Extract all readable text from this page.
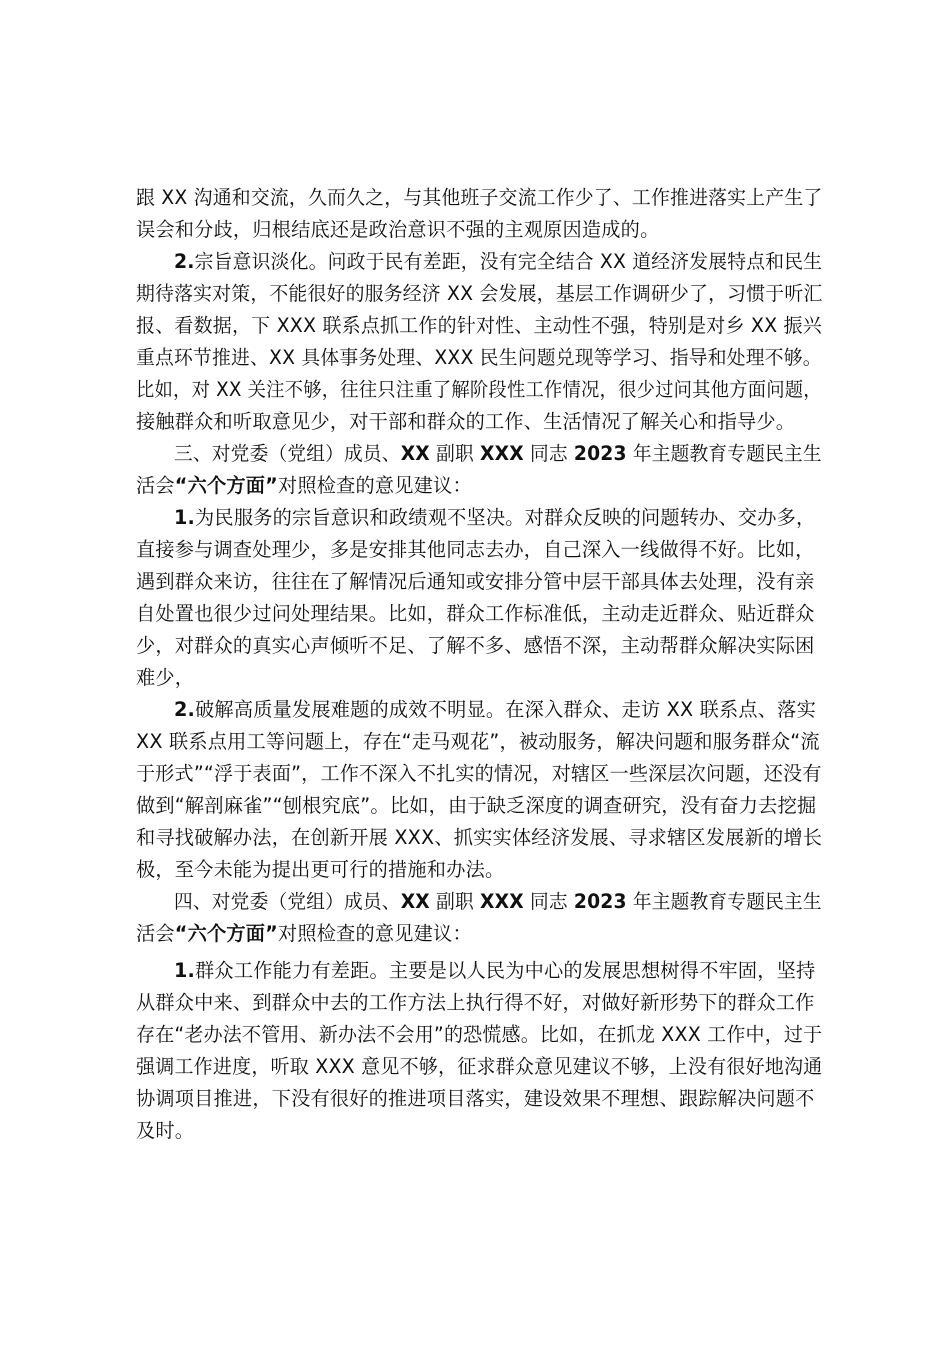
跟 XX 沟通和交流，久而久之，与其他班子交流工作少了、工作推进落实上产生了
误会和分歧，归根结底还是政治意识不强的主观原因造成的。
2.宗旨意识淡化。问政于民有差距，没有完全结合 XX 道经济发展特点和民生
期待落实对策，不能很好的服务经济 XX 会发展，基层工作调研少了，习惯于听汇
报、看数据，下 XXX 联系点抓工作的针对性、主动性不强，特别是对乡 XX 振兴
重点环节推进、XX 具体事务处理、XXX 民生问题兑现等学习、指导和处理不够。
比如，对 XX 关注不够，往往只注重了解阶段性工作情况，很少过问其他方面问题，
接触群众和听取意见少，对干部和群众的工作、生活情况了解关心和指导少。
三、对党委（党组）成员、XX 副职 XXX 同志 2023 年主题教育专题民主生
活会“六个方面”对照检查的意见建议：
1.为民服务的宗旨意识和政绩观不坚决。对群众反映的问题转办、交办多，
直接参与调查处理少，多是安排其他同志去办，自己深入一线做得不好。比如，
遇到群众来访，往往在了解情况后通知或安排分管中层干部具体去处理，没有亲
自处置也很少过问处理结果。比如，群众工作标准低，主动走近群众、贴近群众
少，对群众的真实心声倾听不足、了解不多、感悟不深，主动帮群众解决实际困
难少，
2.破解高质量发展难题的成效不明显。在深入群众、走访 XX 联系点、落实
XX 联系点用工等问题上，存在“走马观花”，被动服务，解决问题和服务群众“流
于形式”“浮于表面”，工作不深入不扎实的情况，对辖区一些深层次问题，还没有
做到“解剖麻雀”“刨根究底”。比如，由于缺乏深度的调查研究，没有奋力去挖掘
和寻找破解办法，在创新开展 XXX、抓实实体经济发展、寻求辖区发展新的增长
极，至今未能为提出更可行的措施和办法。
四、对党委（党组）成员、XX 副职 XXX 同志 2023 年主题教育专题民主生
活会“六个方面”对照检查的意见建议：
1.群众工作能力有差距。主要是以人民为中心的发展思想树得不牢固，坚持
从群众中来、到群众中去的工作方法上执行得不好，对做好新形势下的群众工作
存在“老办法不管用、新办法不会用”的恐慌感。比如，在抓龙 XXX 工作中，过于
强调工作进度，听取 XXX 意见不够，征求群众意见建议不够，上没有很好地沟通
协调项目推进，下没有很好的推进项目落实，建设效果不理想、跟踪解决问题不
及时。
